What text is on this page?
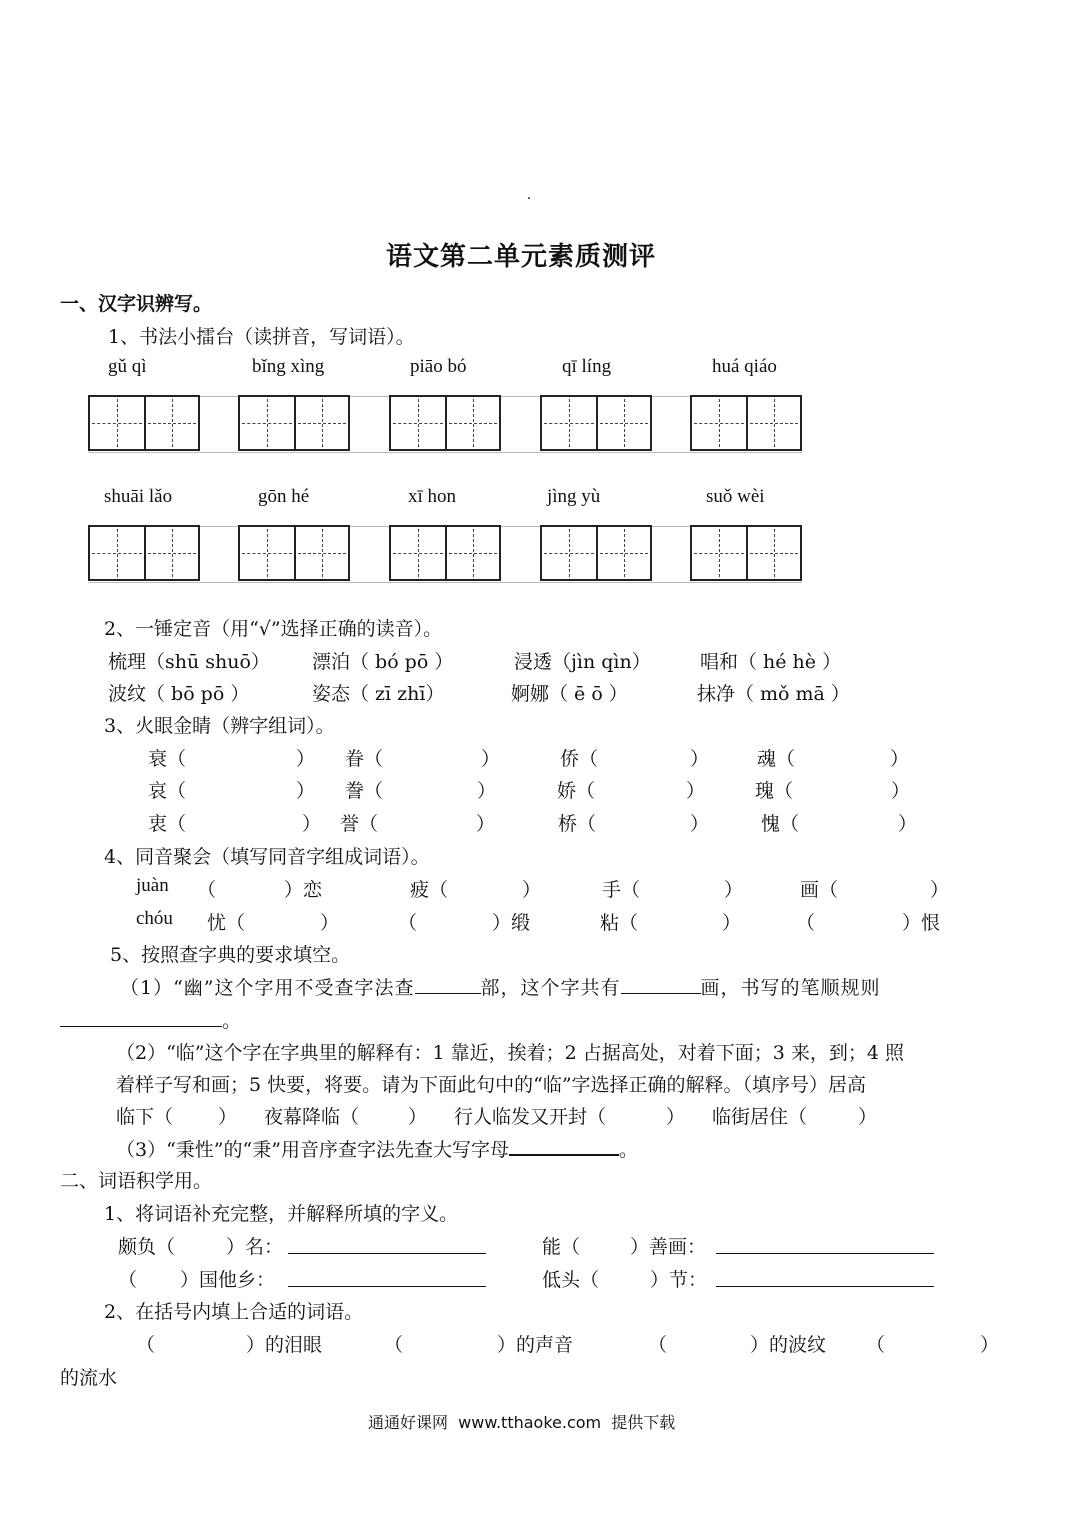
语文第二单元素质测评
一、汉字识辨写。
1、书法小擂台（读拼音，写词语）。
gǔ qì	bǐng xìng	piāo bó	qī líng	huá qiáo
shuāi lǎo	gōn hé	xī hon	jìng yù	suǒ wèi
2、一锤定音（用“√”选择正确的读音）。
梳理（shū shuō） 漂泊（ bó pō ）	浸透（jìn qìn）	唱和（ hé hè ）
波纹（ bō pō ）	姿态（ zī zhī）	婀娜（ ē ō ）	抹净（ mǒ mā ）
3、火眼金睛（辨字组词）。
衰（	） 眷（	）	侨（	）	魂（	）
哀（	） 誊（	）	娇（	）	瑰（	）
衷（	） 誉（	）	桥（	）	愧（	）
4、同音聚会（填写同音字组成词语）。
juàn （	）恋	疲（	）	手（	）	画（	）
chóu 忧（	）	（	）缎	粘（	）	（	）恨
5、按照查字典的要求填空。
（1）“幽”这个字用不受查字法查	部，这个字共有	画，书写的笔顺规则
。
（2）“临”这个字在字典里的解释有：1 靠近，挨着；2 占据高处，对着下面；3 来，到；4 照
着样子写和画；5 快要，将要。请为下面此句中的“临”字选择正确的解释。（填序号）居高
临下（ ） 夜幕降临（	） 行人临发又开封（	） 临街居住（	）
（3）“秉性”的“秉”用音序查字法先查大写字母	。
二、词语积学用。
1、将词语补充完整，并解释所填的字义。
颇负（	）名：	能（	）善画：
（ ）国他乡：	低头（	）节：
2、在括号内填上合适的词语。
（	）的泪眼	（	）的声音	（	）的波纹 （	）
的流水
通通好课网  www.tthaoke.com  提供下载
